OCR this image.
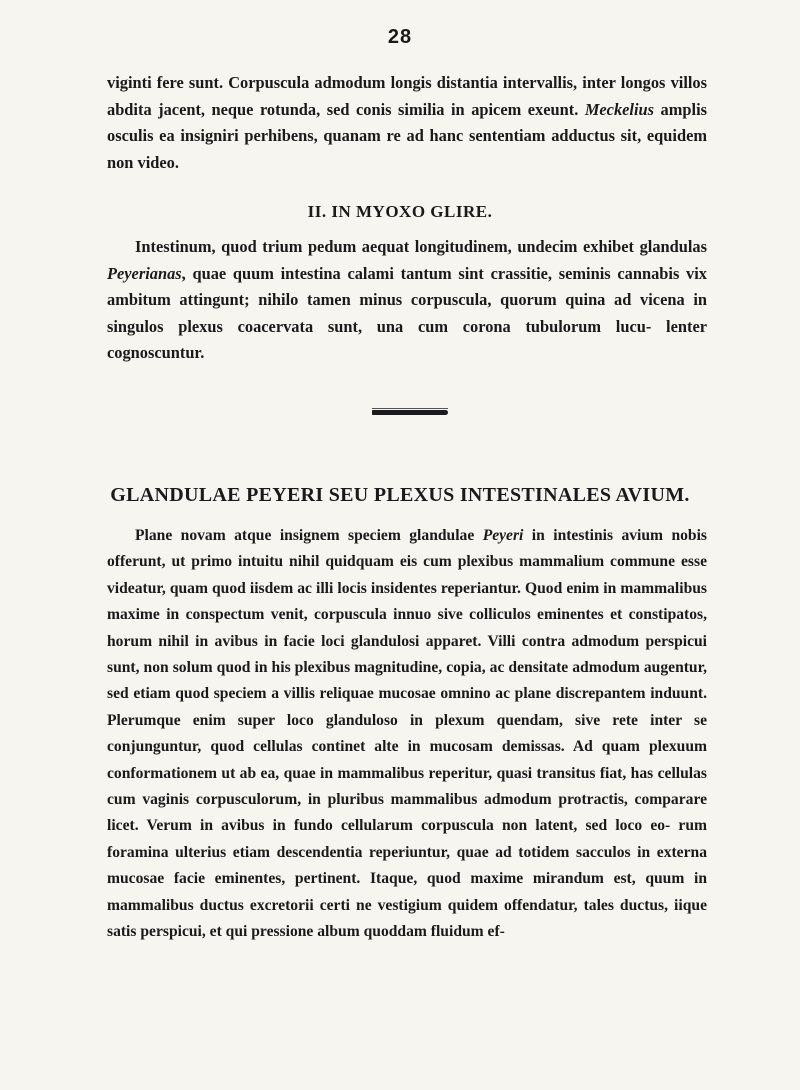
28

viginti fere sunt. Corpuscula admodum longis distantia intervallis, inter longos villos abdita jacent, neque rotunda, sed conis similia in apicem exeunt. Meckelius amplis osculis ea insigniri perhibens, quanam re ad hanc sententiam adductus sit, equidem non video.

II. IN MYOXO GLIRE.

Intestinum, quod trium pedum aequat longitudinem, undecim exhibet glandulas Peyerianas, quae quum intestina calami tantum sint crassitie, seminis cannabis vix ambitum attingunt; nihilo tamen minus corpuscula, quorum quina ad vicena in singulos plexus coacervata sunt, una cum corona tubulorum lucu- lenter cognoscuntur.

GLANDULAE PEYERI SEU PLEXUS INTESTINALES AVIUM.

Plane novam atque insignem speciem glandulae Peyeri in intestinis avium nobis offerunt, ut primo intuitu nihil quidquam eis cum plexibus mammalium commune esse videatur, quam quod iisdem ac illi locis insidentes reperiantur. Quod enim in mammalibus maxime in conspectum venit, corpuscula innuo sive colliculos eminentes et constipatos, horum nihil in avibus in facie loci glandulosi apparet. Villi contra admodum perspicui sunt, non solum quod in his plexibus magnitudine, copia, ac densitate admodum augentur, sed etiam quod speciem a villis reliquae mucosae omnino ac plane discrepantem induunt. Plerumque enim super loco glanduloso in plexum quendam, sive rete inter se conjunguntur, quod cellulas continet alte in mucosam demissas. Ad quam plexuum conformationem ut ab ea, quae in mammalibus reperitur, quasi transitus fiat, has cellulas cum vaginis corpusculorum, in pluribus mammalibus admodum protractis, comparare licet. Verum in avibus in fundo cellularum corpuscula non latent, sed loco eo- rum foramina ulterius etiam descendentia reperiuntur, quae ad totidem sacculos in externa mucosae facie eminentes, pertinent. Itaque, quod maxime mirandum est, quum in mammalibus ductus excretorii certi ne vestigium quidem offendatur, tales ductus, iique satis perspicui, et qui pressione album quoddam fluidum ef-
